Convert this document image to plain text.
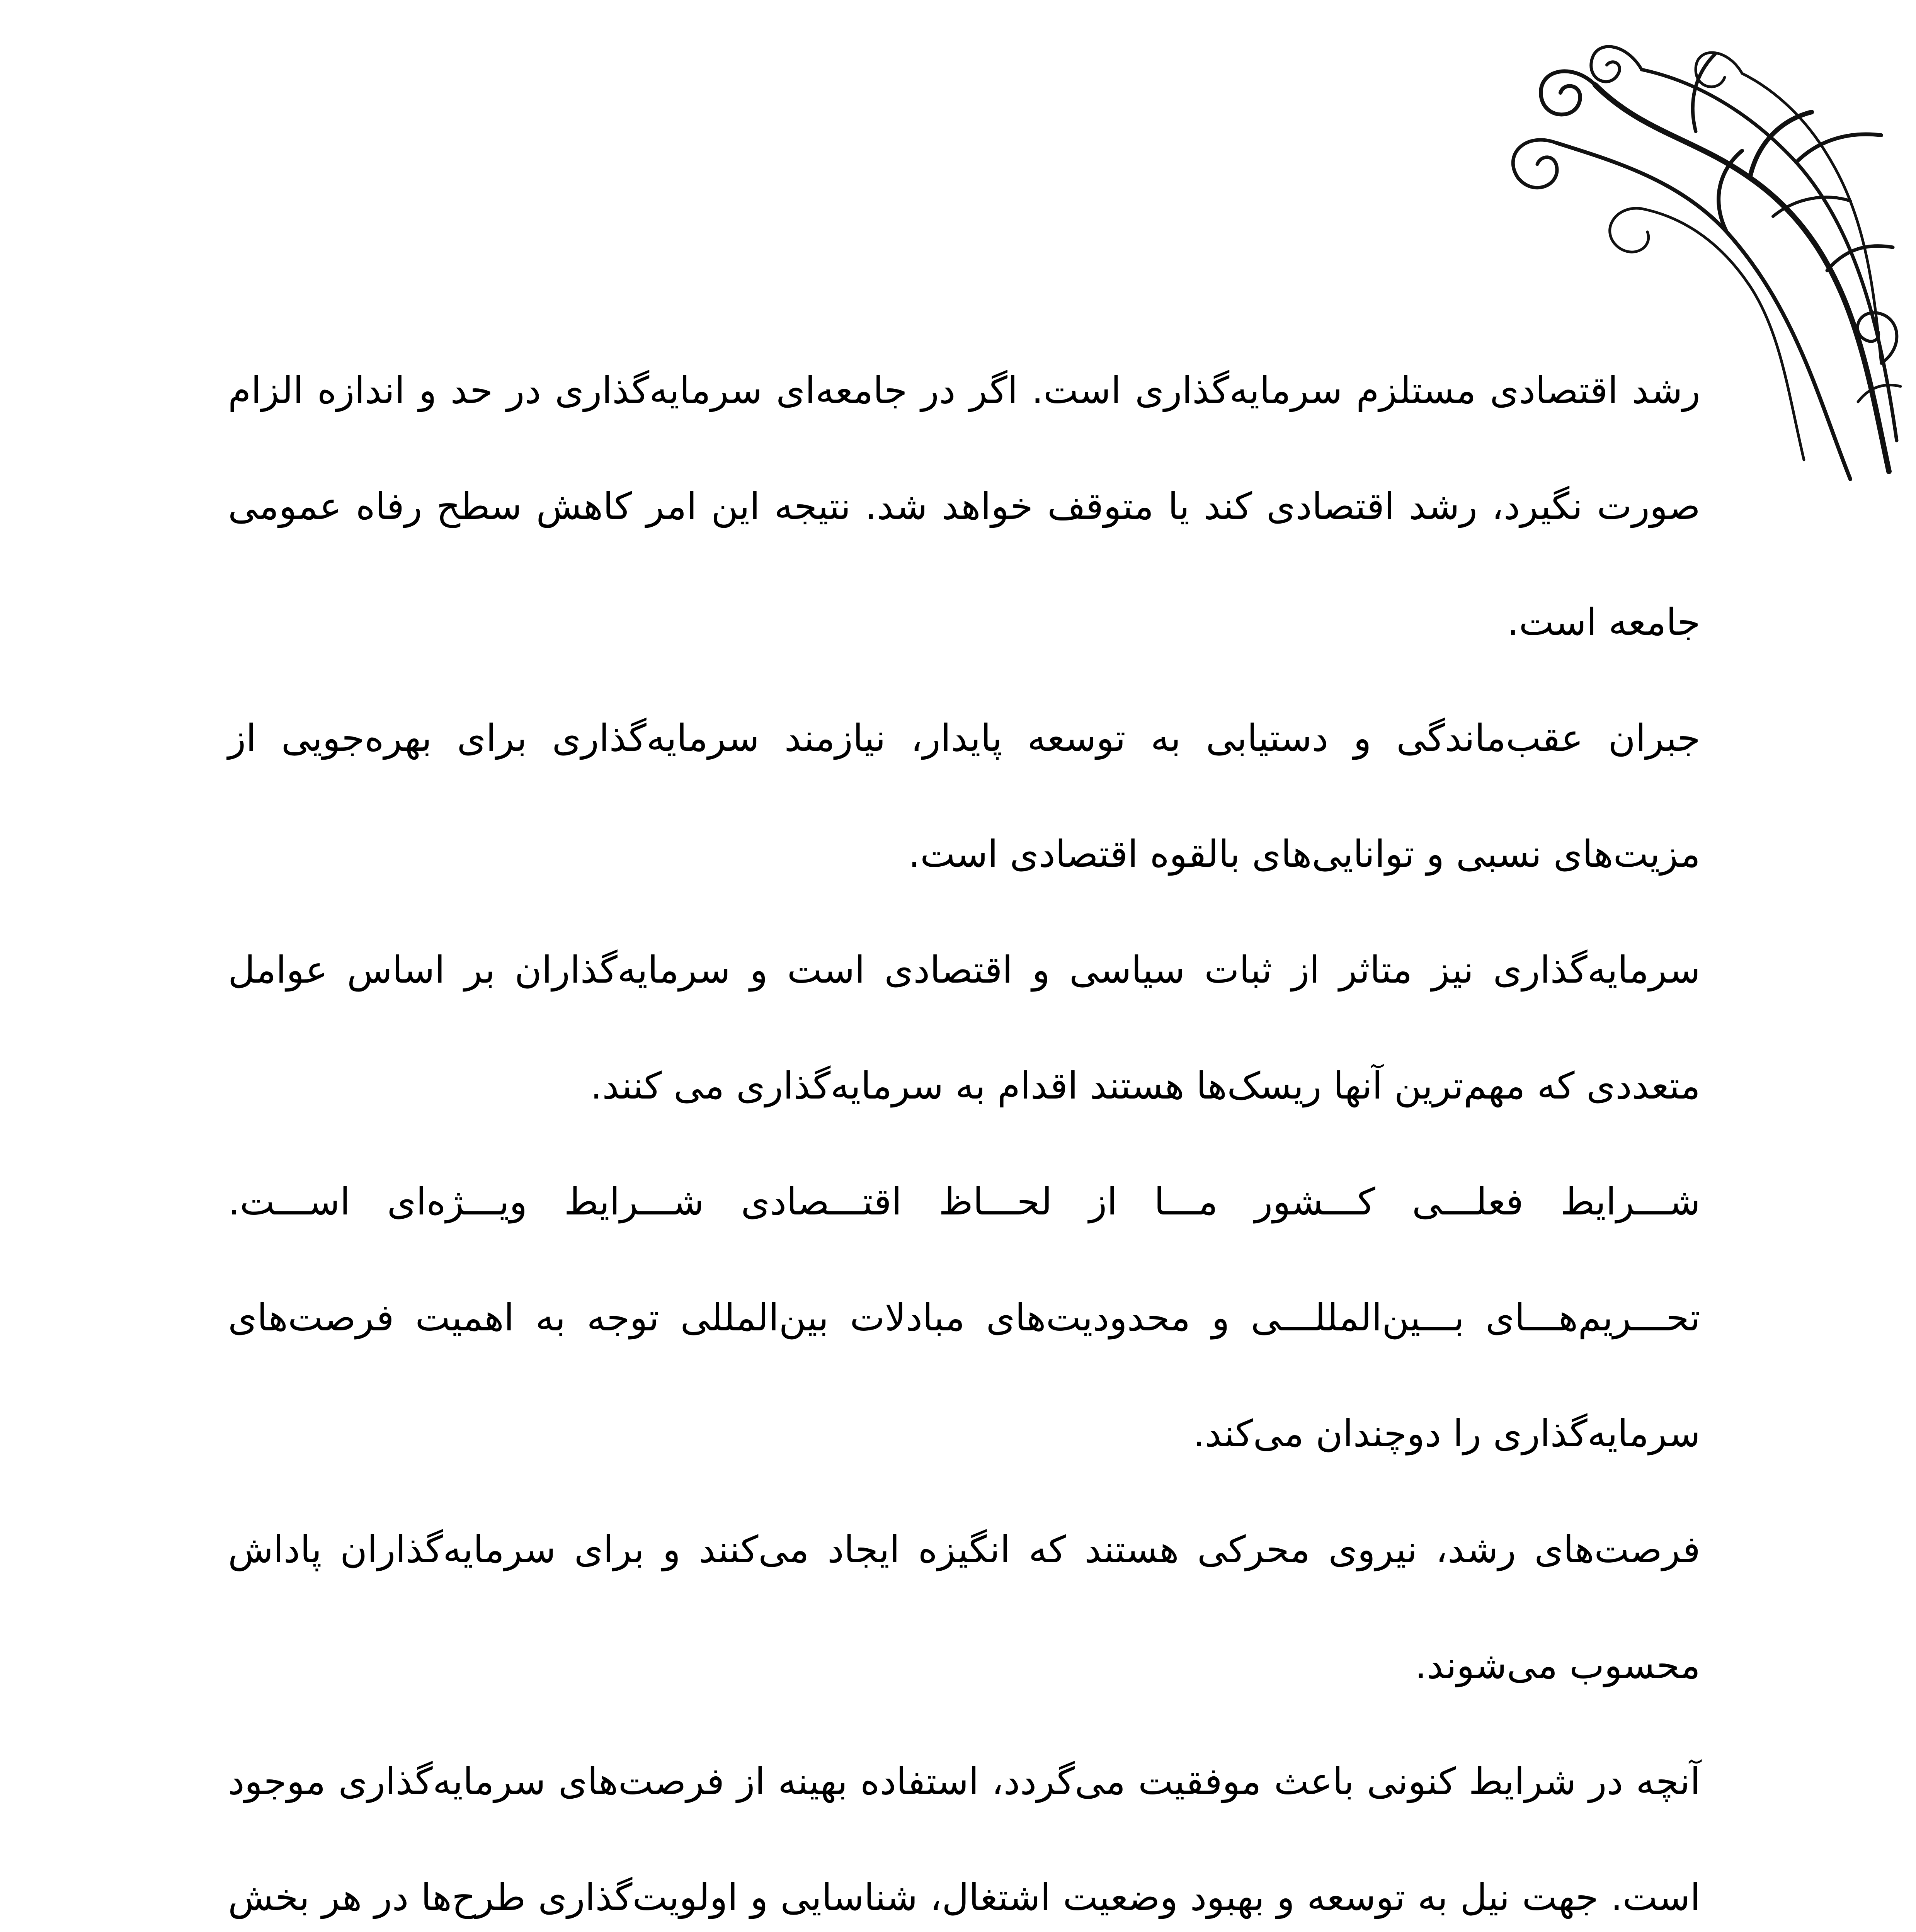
رشد اقتصادی مستلزم سرمایه‌گذاری است. اگر در جامعه‌ای سرمایه‌گذاری در حد و اندازه الزام صورت نگیرد، رشد اقتصادی کند یا متوقف خواهد شد. نتیجه این امر کاهش سطح رفاه عمومی جامعه است.

جبران عقب‌ماندگی و دستیابی به توسعه پایدار، نیازمند سرمایه‌گذاری برای بهره‌جویی از مزیت‌های نسبی و توانایی‌های بالقوه اقتصادی است.

سرمایه‌گذاری نیز متاثر از ثبات سیاسی و اقتصادی است و سرمایه‌گذاران بر اساس عوامل متعددی که مهم‌ترین آنها ریسک‌ها هستند اقدام به سرمایه‌گذاری می کنند.

شـــرایط فعلـــی کـــشور مـــا از لحـــاظ اقتـــصادی شـــرایط ویـــژه‌ای اســـت. تحـــریم‌هـــای بـــین‌المللـــی و محدودیت‌های مبادلات بین‌المللی توجه به اهمیت فرصت‌های سرمایه‌گذاری را دوچندان می‌کند.

فرصت‌های رشد، نیروی محرکی هستند که انگیزه ایجاد می‌کنند و برای سرمایه‌گذاران پاداش محسوب می‌شوند.

آنچه در شرایط کنونی باعث موفقیت می‌گردد، استفاده بهینه از فرصت‌های سرمایه‌گذاری موجود است. جهت نیل به توسعه و بهبود وضعیت اشتغال، شناسایی و اولویت‌گذاری طرح‌ها در هر بخش
